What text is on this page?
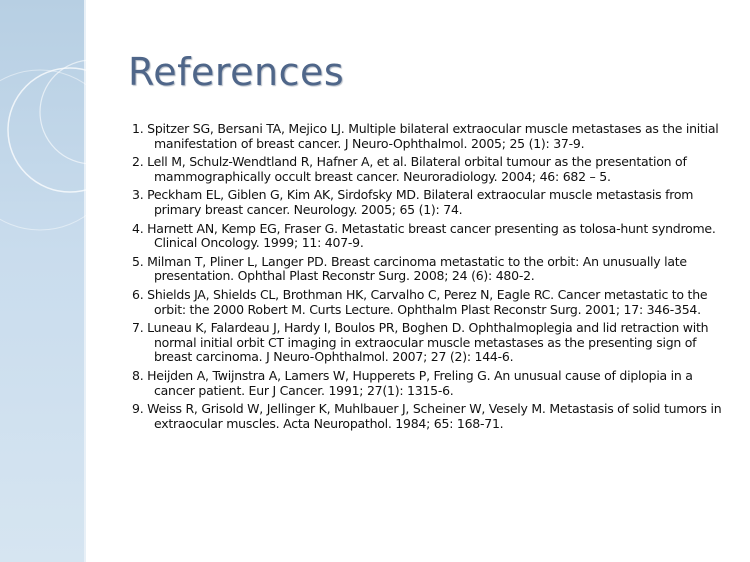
References
1. Spitzer SG, Bersani TA, Mejico LJ. Multiple bilateral extraocular muscle metastases as the initial manifestation of breast cancer. J Neuro-Ophthalmol. 2005; 25 (1): 37-9.
2. Lell M, Schulz-Wendtland R, Hafner A, et al. Bilateral orbital tumour as the presentation of mammographically occult breast cancer. Neuroradiology. 2004; 46: 682 – 5.
3. Peckham EL, Giblen G, Kim AK, Sirdofsky MD. Bilateral extraocular muscle metastasis from primary breast cancer. Neurology. 2005; 65 (1): 74.
4. Harnett AN, Kemp EG, Fraser G. Metastatic breast cancer presenting as tolosa-hunt syndrome. Clinical Oncology. 1999; 11: 407-9.
5. Milman T, Pliner L, Langer PD. Breast carcinoma metastatic to the orbit: An unusually late presentation. Ophthal Plast Reconstr Surg. 2008; 24 (6): 480-2.
6. Shields JA, Shields CL, Brothman HK, Carvalho C, Perez N, Eagle RC. Cancer metastatic to the orbit: the 2000 Robert M. Curts Lecture. Ophthalm Plast Reconstr Surg. 2001; 17: 346-354.
7. Luneau K, Falardeau J, Hardy I, Boulos PR, Boghen D. Ophthalmoplegia and lid retraction with normal initial orbit CT imaging in extraocular muscle metastases as the presenting sign of breast carcinoma. J Neuro-Ophthalmol. 2007; 27 (2): 144-6.
8. Heijden A, Twijnstra A, Lamers W, Hupperets P, Freling G. An unusual cause of diplopia in a cancer patient. Eur J Cancer. 1991; 27(1): 1315-6.
9. Weiss R, Grisold W, Jellinger K, Muhlbauer J, Scheiner W, Vesely M. Metastasis of solid tumors in extraocular muscles. Acta Neuropathol. 1984; 65: 168-71.
